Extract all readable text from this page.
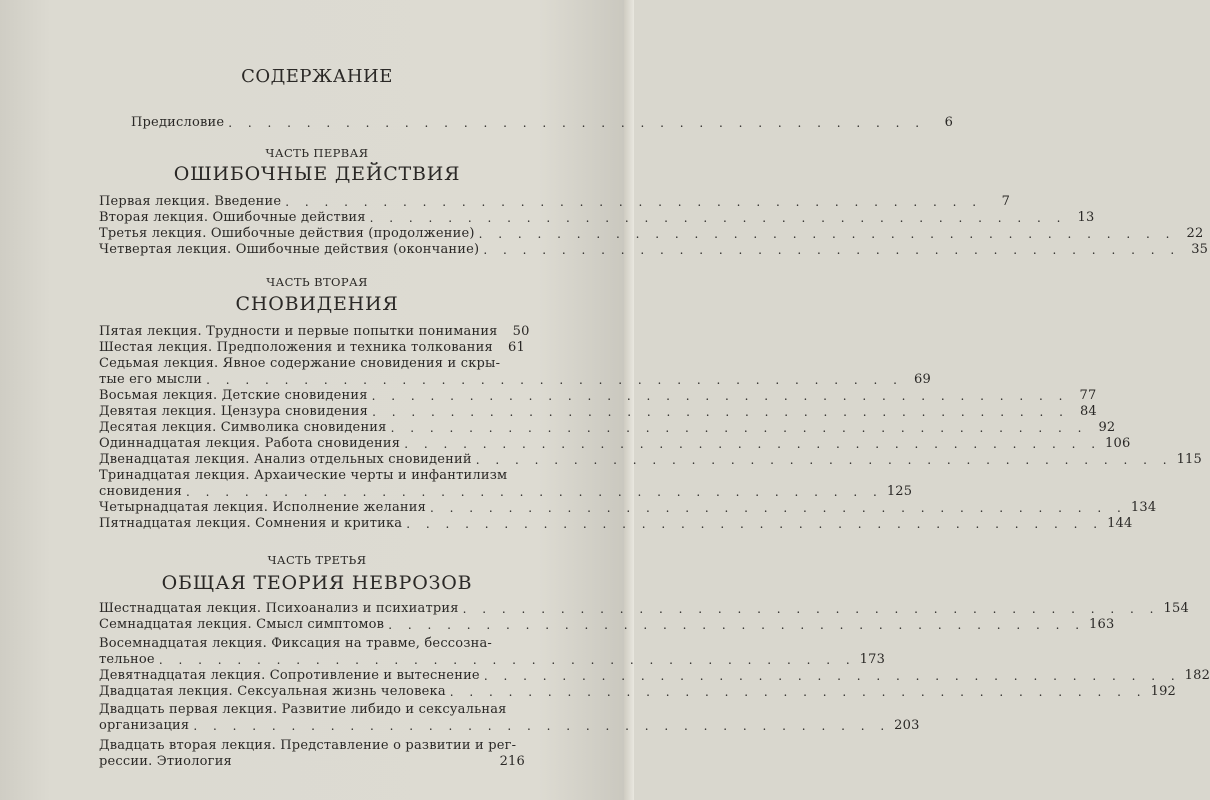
СОДЕРЖАНИЕ
Предисловие . . . . . . . . . . . . . . . . . . . . . . . . . . . . . . . . . . . .	6
ЧАСТЬ ПЕРВАЯ
ОШИБОЧНЫЕ ДЕЙСТВИЯ
Первая лекция. Введение . . . . . . . . . . . . . . . . . . . . . . . . . . . . . . . . . . . .	7
Вторая лекция. Ошибочные действия . . . . . . . . . . . . . . . . . . . . . . . . . . . . . . . . . . . . 13
Третья лекция. Ошибочные действия (продолжение) . . . . . . . . . . . . . . . . . . . . . . . . . . . . . . . . . . . . 22
Четвертая лекция. Ошибочные действия (окончание) . . . . . . . . . . . . . . . . . . . . . . . . . . . . . . . . . . . . 35
ЧАСТЬ ВТОРАЯ
СНОВИДЕНИЯ
Пятая лекция. Трудности и первые попытки понимания	50
Шестая лекция. Предположения и техника толкования	61
Седьмая лекция. Явное содержание сновидения и скры-
тые его мысли . . . . . . . . . . . . . . . . . . . . . . . . . . . . . . . . . . . . 69
Восьмая лекция. Детские сновидения . . . . . . . . . . . . . . . . . . . . . . . . . . . . . . . . . . . . 77
Девятая лекция. Цензура сновидения . . . . . . . . . . . . . . . . . . . . . . . . . . . . . . . . . . . . 84
Десятая лекция. Символика сновидения . . . . . . . . . . . . . . . . . . . . . . . . . . . . . . . . . . . . 92
Одиннадцатая лекция. Работа сновидения . . . . . . . . . . . . . . . . . . . . . . . . . . . . . . . . . . . . 106
Двенадцатая лекция. Анализ отдельных сновидений . . . . . . . . . . . . . . . . . . . . . . . . . . . . . . . . . . . . 115
Тринадцатая лекция. Архаические черты и инфантилизм
сновидения . . . . . . . . . . . . . . . . . . . . . . . . . . . . . . . . . . . . 125
Четырнадцатая лекция. Исполнение желания . . . . . . . . . . . . . . . . . . . . . . . . . . . . . . . . . . . . 134
Пятнадцатая лекция. Сомнения и критика . . . . . . . . . . . . . . . . . . . . . . . . . . . . . . . . . . . . 144
ЧАСТЬ ТРЕТЬЯ
ОБЩАЯ ТЕОРИЯ НЕВРОЗОВ
Шестнадцатая лекция. Психоанализ и психиатрия . . . . . . . . . . . . . . . . . . . . . . . . . . . . . . . . . . . . 154
Семнадцатая лекция. Смысл симптомов . . . . . . . . . . . . . . . . . . . . . . . . . . . . . . . . . . . . 163
Восемнадцатая лекция. Фиксация на травме, бессозна-
тельное . . . . . . . . . . . . . . . . . . . . . . . . . . . . . . . . . . . . 173
Девятнадцатая лекция. Сопротивление и вытеснение . . . . . . . . . . . . . . . . . . . . . . . . . . . . . . . . . . . . 182
Двадцатая лекция. Сексуальная жизнь человека . . . . . . . . . . . . . . . . . . . . . . . . . . . . . . . . . . . . 192
Двадцать первая лекция. Развитие либидо и сексуальная
организация . . . . . . . . . . . . . . . . . . . . . . . . . . . . . . . . . . . . 203
Двадцать вторая лекция. Представление о развитии и рег-
рессии. Этиология	216
